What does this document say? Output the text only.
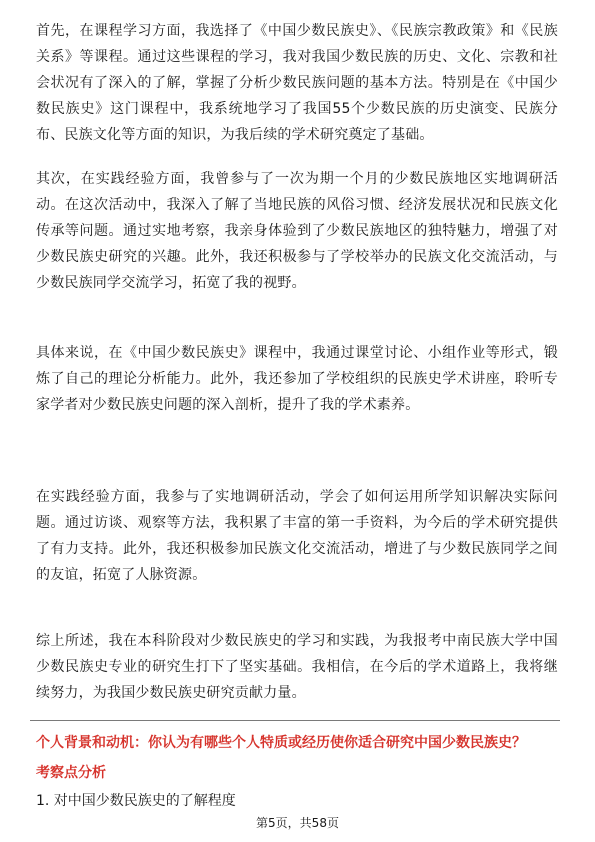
首先，在课程学习方面，我选择了《中国少数民族史》、《民族宗教政策》和《民族关系》等课程。通过这些课程的学习，我对我国少数民族的历史、文化、宗教和社会状况有了深入的了解，掌握了分析少数民族问题的基本方法。特别是在《中国少数民族史》这门课程中，我系统地学习了我国55个少数民族的历史演变、民族分布、民族文化等方面的知识，为我后续的学术研究奠定了基础。

其次，在实践经验方面，我曾参与了一次为期一个月的少数民族地区实地调研活动。在这次活动中，我深入了解了当地民族的风俗习惯、经济发展状况和民族文化传承等问题。通过实地考察，我亲身体验到了少数民族地区的独特魅力，增强了对少数民族史研究的兴趣。此外，我还积极参与了学校举办的民族文化交流活动，与少数民族同学交流学习，拓宽了我的视野。

具体来说，在《中国少数民族史》课程中，我通过课堂讨论、小组作业等形式，锻炼了自己的理论分析能力。此外，我还参加了学校组织的民族史学术讲座，聆听专家学者对少数民族史问题的深入剖析，提升了我的学术素养。

在实践经验方面，我参与了实地调研活动，学会了如何运用所学知识解决实际问题。通过访谈、观察等方法，我积累了丰富的第一手资料，为今后的学术研究提供了有力支持。此外，我还积极参加民族文化交流活动，增进了与少数民族同学之间的友谊，拓宽了人脉资源。

综上所述，我在本科阶段对少数民族史的学习和实践，为我报考中南民族大学中国少数民族史专业的研究生打下了坚实基础。我相信，在今后的学术道路上，我将继续努力，为我国少数民族史研究贡献力量。

个人背景和动机：你认为有哪些个人特质或经历使你适合研究中国少数民族史？

考察点分析

1. 对中国少数民族史的了解程度

第5页，共58页
